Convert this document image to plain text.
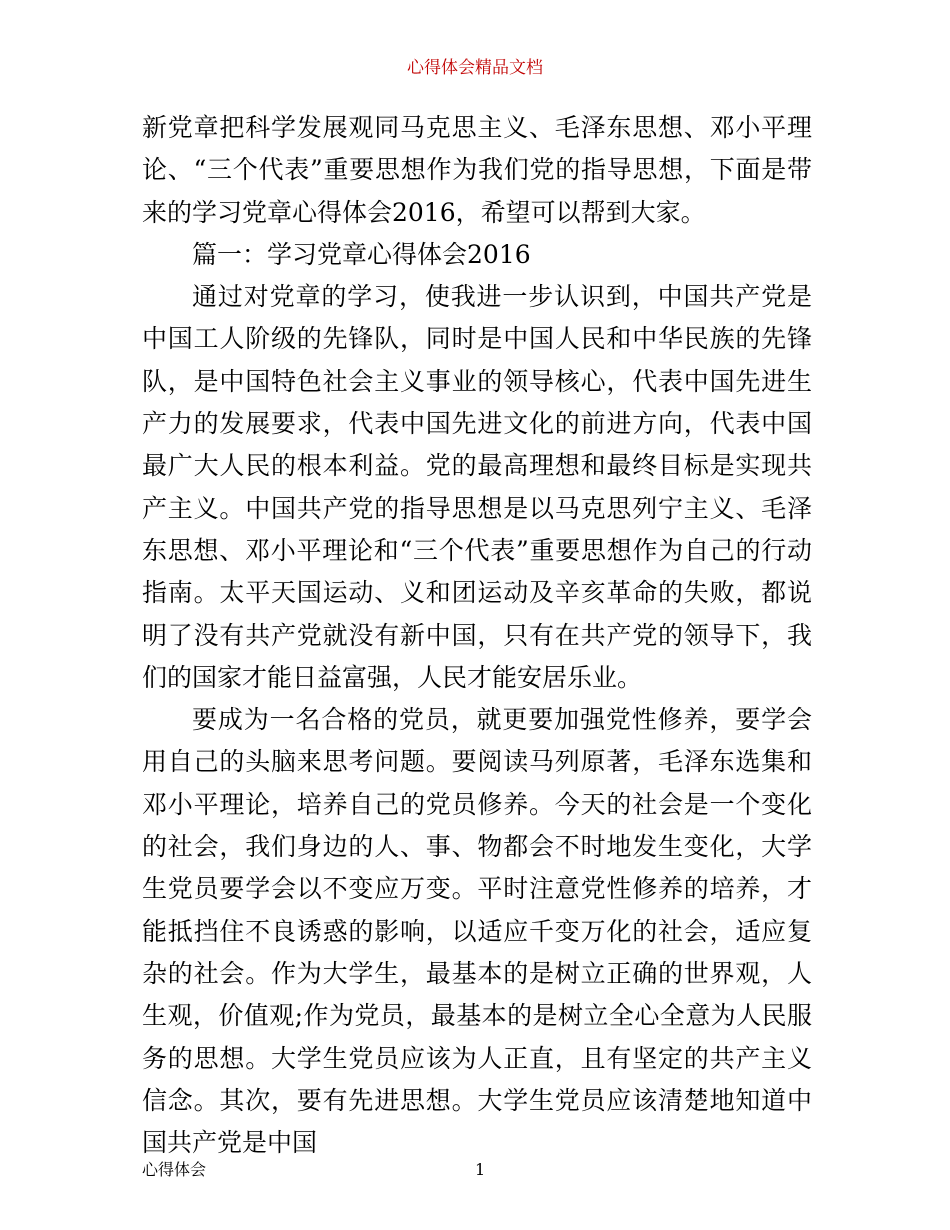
心得体会精品文档

新党章把科学发展观同马克思主义、毛泽东思想、邓小平理论、“三个代表”重要思想作为我们党的指导思想，下面是带来的学习党章心得体会2016，希望可以帮到大家。

篇一：学习党章心得体会2016

通过对党章的学习，使我进一步认识到，中国共产党是中国工人阶级的先锋队，同时是中国人民和中华民族的先锋队，是中国特色社会主义事业的领导核心，代表中国先进生产力的发展要求，代表中国先进文化的前进方向，代表中国最广大人民的根本利益。党的最高理想和最终目标是实现共产主义。中国共产党的指导思想是以马克思列宁主义、毛泽东思想、邓小平理论和“三个代表”重要思想作为自己的行动指南。太平天国运动、义和团运动及辛亥革命的失败，都说明了没有共产党就没有新中国，只有在共产党的领导下，我们的国家才能日益富强，人民才能安居乐业。

要成为一名合格的党员，就更要加强党性修养，要学会用自己的头脑来思考问题。要阅读马列原著，毛泽东选集和邓小平理论，培养自己的党员修养。今天的社会是一个变化的社会，我们身边的人、事、物都会不时地发生变化，大学生党员要学会以不变应万变。平时注意党性修养的培养，才能抵挡住不良诱惑的影响，以适应千变万化的社会，适应复杂的社会。作为大学生，最基本的是树立正确的世界观，人生观，价值观;作为党员，最基本的是树立全心全意为人民服务的思想。大学生党员应该为人正直，且有坚定的共产主义信念。其次，要有先进思想。大学生党员应该清楚地知道中国共产党是中国

心得体会	1
